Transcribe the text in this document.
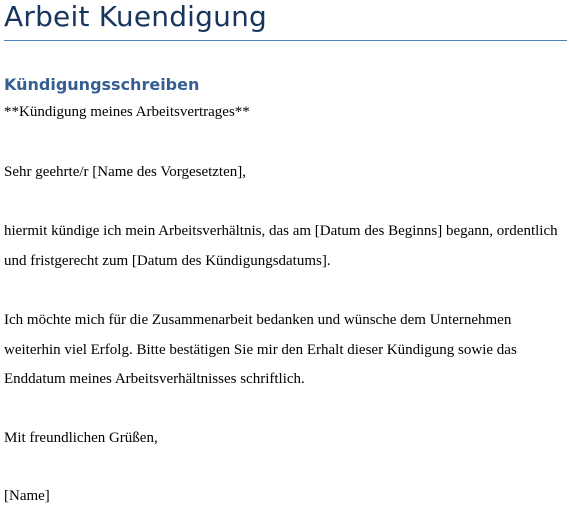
Arbeit Kuendigung
Kündigungsschreiben

**Kündigung meines Arbeitsvertrages**

Sehr geehrte/r [Name des Vorgesetzten],

hiermit kündige ich mein Arbeitsverhältnis, das am [Datum des Beginns] begann, ordentlich

und fristgerecht zum [Datum des Kündigungsdatums].

Ich möchte mich für die Zusammenarbeit bedanken und wünsche dem Unternehmen

weiterhin viel Erfolg. Bitte bestätigen Sie mir den Erhalt dieser Kündigung sowie das

Enddatum meines Arbeitsverhältnisses schriftlich.

Mit freundlichen Grüßen,

[Name]
